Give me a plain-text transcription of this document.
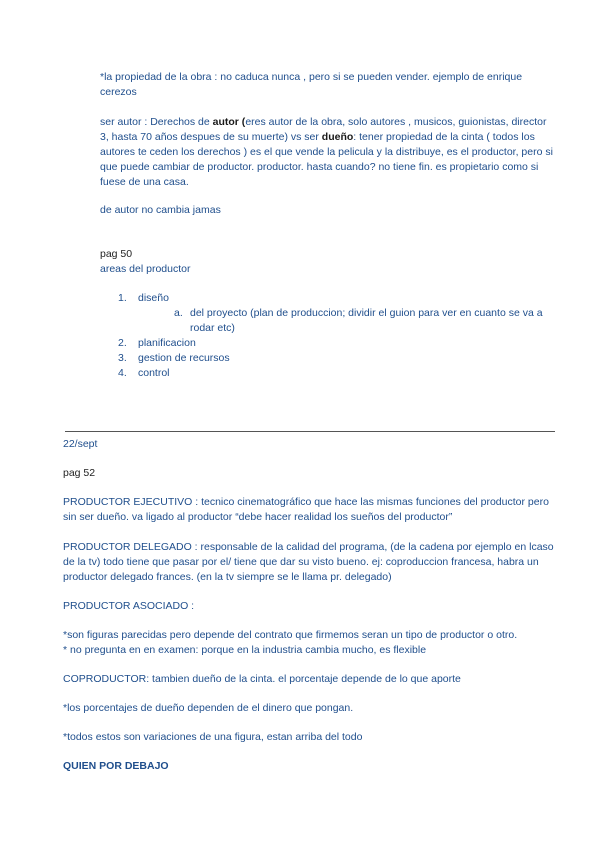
*la propiedad de la obra : no caduca nunca , pero si se pueden vender. ejemplo de enrique cerezos
ser autor : Derechos de autor (eres autor de la obra, solo autores , musicos, guionistas, director 3, hasta 70 años despues de su muerte) vs ser dueño: tener propiedad de la cinta ( todos los autores te ceden los derechos ) es el que vende la pelicula y la distribuye, es el productor, pero si que puede cambiar de productor. productor. hasta cuando? no tiene fin. es propietario como si fuese de una casa.
de autor no cambia jamas
pag 50
areas del productor
1. diseño
a. del proyecto (plan de produccion; dividir el guion para ver en cuanto se va a rodar etc)
2. planificacion
3. gestion de recursos
4. control
22/sept
pag 52
PRODUCTOR EJECUTIVO : tecnico cinematográfico que hace las mismas funciones del productor pero sin ser dueño. va ligado al productor “debe hacer realidad los sueños del productor”
PRODUCTOR DELEGADO : responsable de la calidad del programa, (de la cadena por ejemplo en lcaso de la tv) todo tiene que pasar por el/ tiene que dar su visto bueno. ej: coproduccion francesa, habra un productor delegado frances. (en la tv siempre se le llama pr. delegado)
PRODUCTOR ASOCIADO :
*son figuras parecidas pero depende del contrato que firmemos seran un tipo de productor o otro.
* no pregunta en en examen: porque en la industria cambia mucho, es flexible
COPRODUCTOR: tambien dueño de la cinta. el porcentaje depende de lo que aporte
*los porcentajes de dueño dependen de el dinero que pongan.
*todos estos son variaciones de una figura, estan arriba del todo
QUIEN POR DEBAJO
